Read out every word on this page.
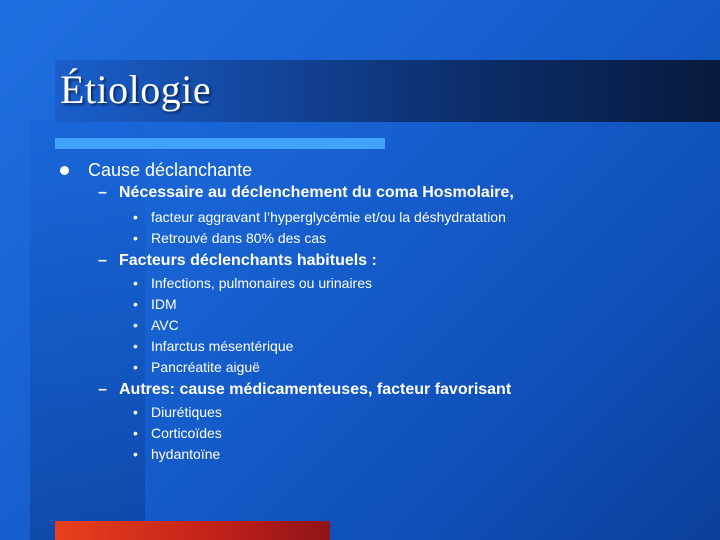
Étiologie
Cause déclanchante
– Nécessaire au déclenchement du coma Hosmolaire,
• facteur aggravant l’hyperglycémie et/ou la déshydratation
• Retrouvé dans 80% des cas
– Facteurs déclenchants habituels :
• Infections, pulmonaires ou urinaires
• IDM
• AVC
• Infarctus mésentérique
• Pancréatite aiguë
– Autres: cause médicamenteuses, facteur favorisant
• Diurétiques
• Corticoïdes
• hydantoïne
